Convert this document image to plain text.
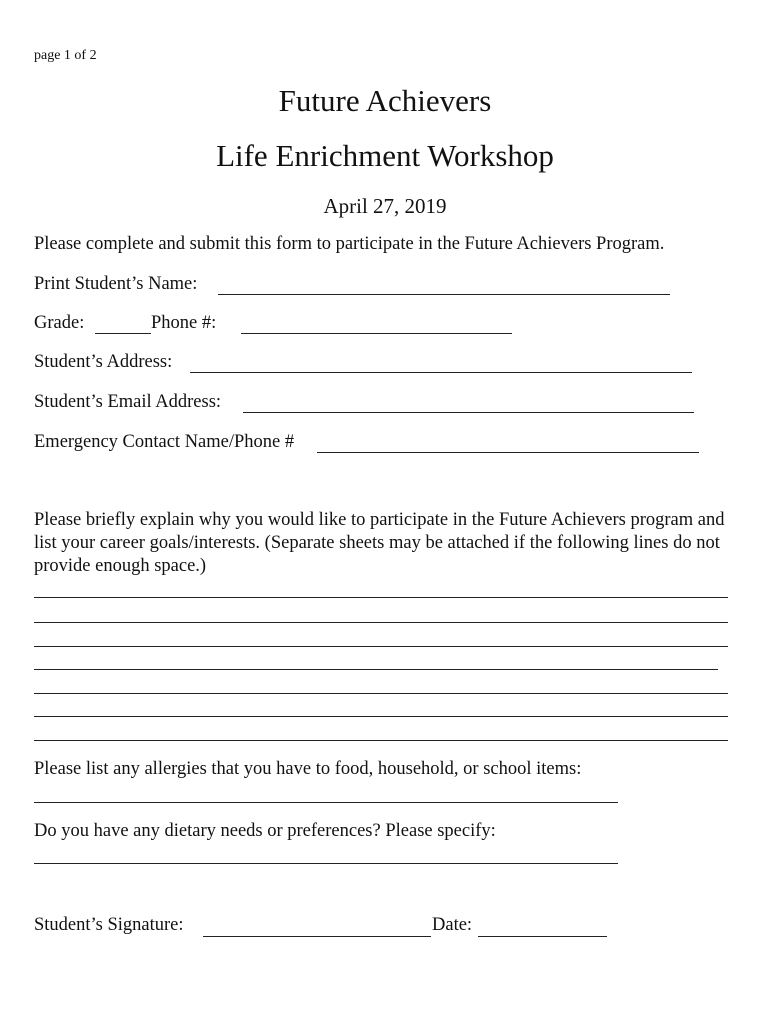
page 1 of 2
Future Achievers
Life Enrichment Workshop
April 27, 2019
Please complete and submit this form to participate in the Future Achievers Program.
Print Student’s Name:
Grade:	Phone #:
Student’s Address:
Student’s Email Address:
Emergency Contact Name/Phone #
Please briefly explain why you would like to participate in the Future Achievers program and list your career goals/interests. (Separate sheets may be attached if the following lines do not provide enough space.)
Please list any allergies that you have to food, household, or school items:
Do you have any dietary needs or preferences? Please specify:
Student’s Signature:	Date:
